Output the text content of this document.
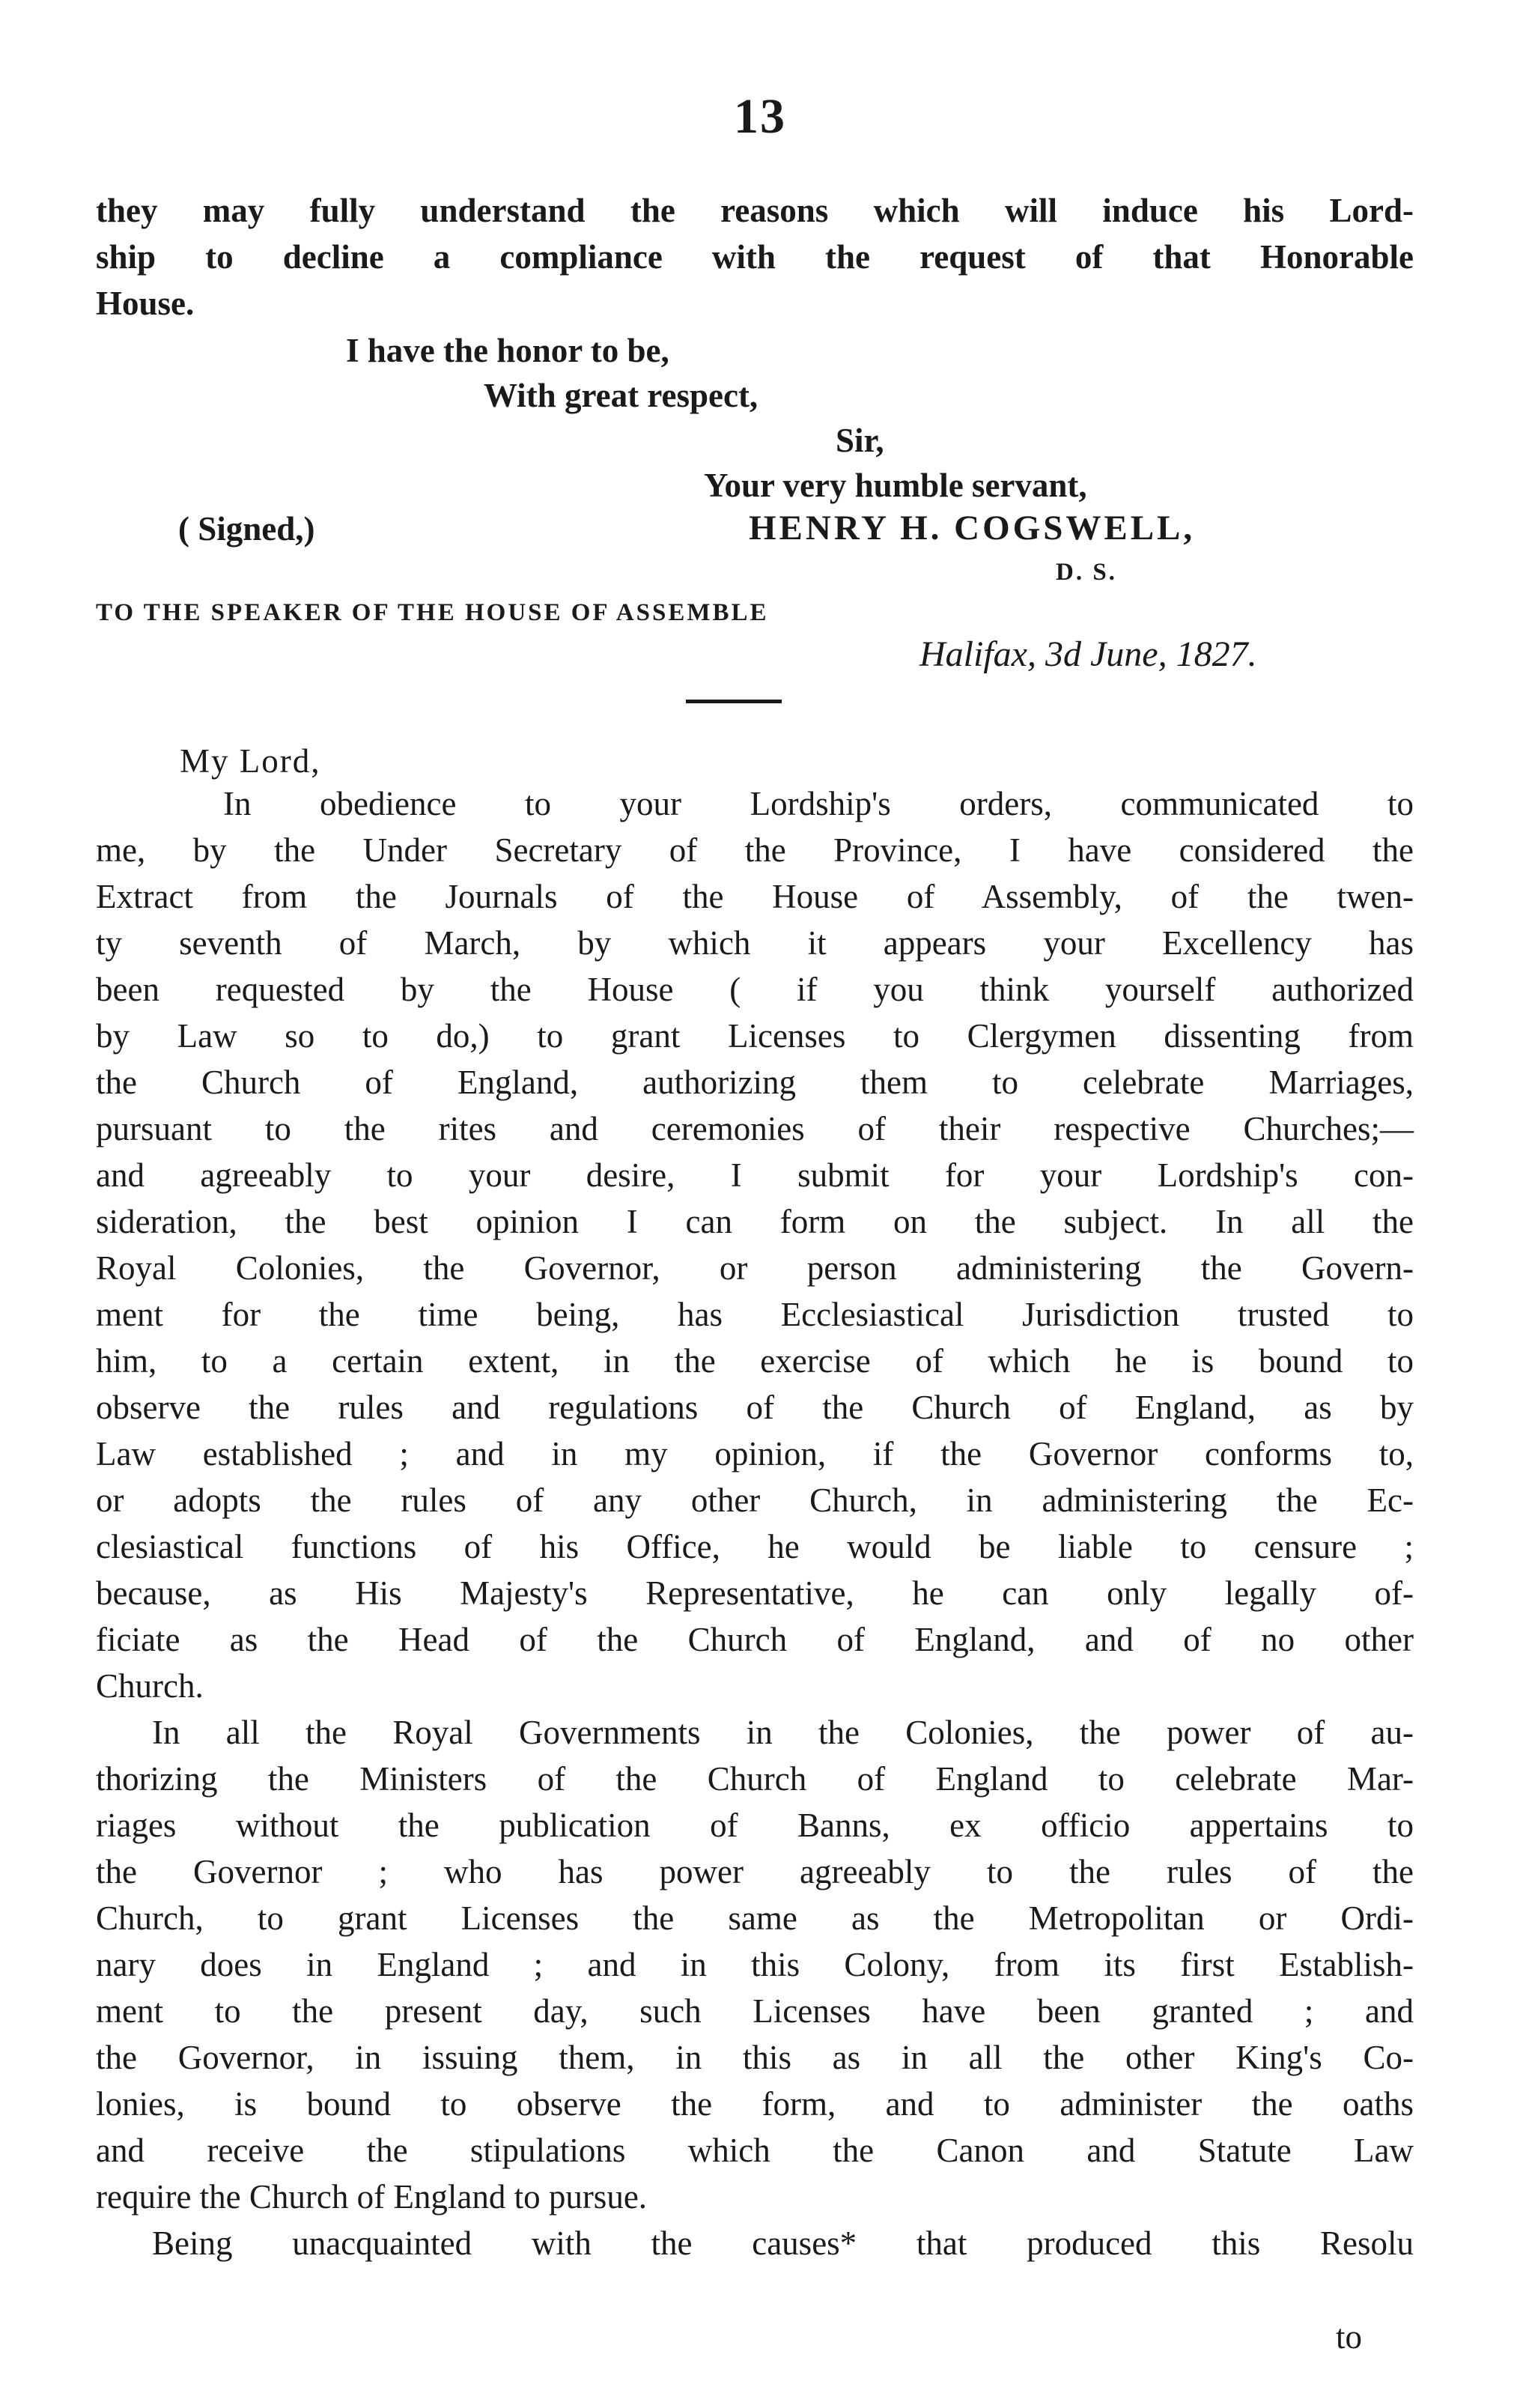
13
they may fully understand the reasons which will induce his Lord-
ship to decline a compliance with the request of that Honorable
House.
I have the honor to be,
With great respect,
Sir,
Your very humble servant,
( Signed,)	HENRY H. COGSWELL,
D. S.
TO THE SPEAKER OF THE HOUSE OF ASSEMBLE
Halifax, 3d June, 1827.
My Lord,
In obedience to your Lordship's orders, communicated to
me, by the Under Secretary of the Province, I have considered the
Extract from the Journals of the House of Assembly, of the twen-
ty seventh of March, by which it appears your Excellency has
been requested by the House ( if you think yourself authorized
by Law so to do,) to grant Licenses to Clergymen dissenting from
the Church of England, authorizing them to celebrate Marriages,
pursuant to the rites and ceremonies of their respective Churches;—
and agreeably to your desire, I submit for your Lordship's con-
sideration, the best opinion I can form on the subject. In all the
Royal Colonies, the Governor, or person administering the Govern-
ment for the time being, has Ecclesiastical Jurisdiction trusted to
him, to a certain extent, in the exercise of which he is bound to
observe the rules and regulations of the Church of England, as by
Law established ; and in my opinion, if the Governor conforms to,
or adopts the rules of any other Church, in administering the Ec-
clesiastical functions of his Office, he would be liable to censure ;
because, as His Majesty's Representative, he can only legally of-
ficiate as the Head of the Church of England, and of no other
Church.
In all the Royal Governments in the Colonies, the power of au-
thorizing the Ministers of the Church of England to celebrate Mar-
riages without the publication of Banns, ex officio appertains to
the Governor ; who has power agreeably to the rules of the
Church, to grant Licenses the same as the Metropolitan or Ordi-
nary does in England ; and in this Colony, from its first Establish-
ment to the present day, such Licenses have been granted ; and
the Governor, in issuing them, in this as in all the other King's Co-
lonies, is bound to observe the form, and to administer the oaths
and receive the stipulations which the Canon and Statute Law
require the Church of England to pursue.
Being unacquainted with the causes* that produced this Resolu
to
